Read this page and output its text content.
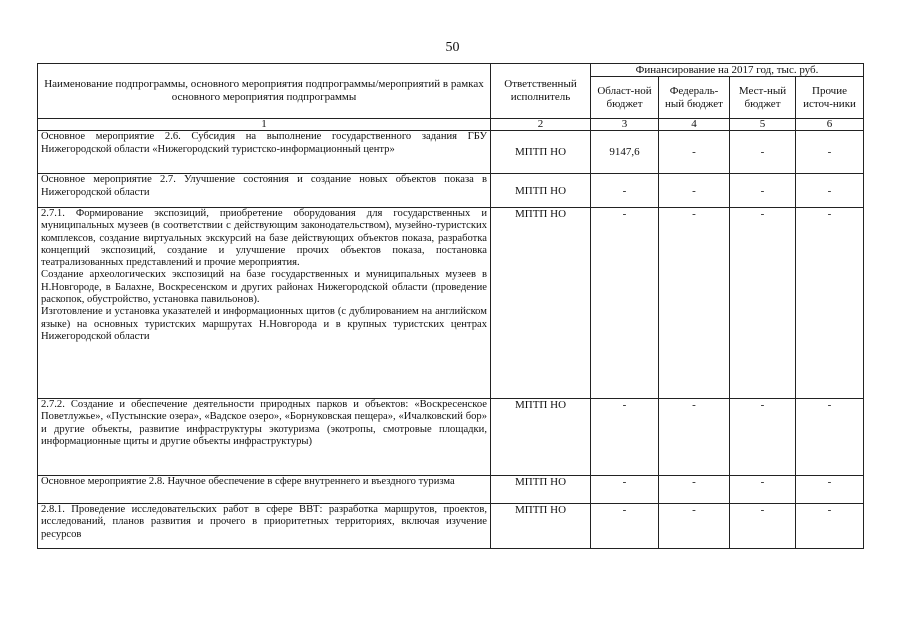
50
Наименование подпрограммы, основного мероприятия подпрограммы/мероприятий в рамках основного мероприятия подпрограммы	Ответственный исполнитель	Финансирование на 2017 год, тыс. руб.			
		Област-ной бюджет	Федераль-ный бюджет	Мест-ный бюджет	Прочие источ-ники
1	2	3	4	5	6
Основное мероприятие 2.6. Субсидия на выполнение государственного задания ГБУ Нижегородской области «Нижегородский туристско-информационный центр»	МПТП НО	9147,6	-	-	-
Основное мероприятие 2.7. Улучшение состояния и создание новых объектов показа в Нижегородской области	МПТП НО	-	-	-	-

2.7.1. Формирование экспозиций, приобретение оборудования для государственных и муниципальных музеев (в соответствии с действующим законодательством), музейно-туристских комплексов, создание виртуальных экскурсий на базе действующих объектов показа, разработка концепций экспозиций, создание и улучшение прочих объектов показа, постановка театрализованных представлений и прочие мероприятия.

Создание археологических экспозиций на базе государственных и муниципальных музеев в Н.Новгороде, в Балахне, Воскресенском и других районах Нижегородской области (проведение раскопок, обустройство, установка павильонов).

Изготовление и установка указателей и информационных щитов (с дублированием на английском языке) на основных туристских маршрутах Н.Новгорода и в крупных туристских центрах Нижегородской области	МПТП НО	-	-	-	-
2.7.2. Создание и обеспечение деятельности природных парков и объектов: «Воскресенское Поветлужье», «Пустынские озера», «Вадское озеро», «Борнуковская пещера», «Ичалковский бор» и другие объекты, развитие инфраструктуры экотуризма (экотропы, смотровые площадки, информационные щиты и другие объекты инфраструктуры)	МПТП НО	-	-	-	-
Основное мероприятие 2.8. Научное обеспечение в сфере внутреннего и въездного туризма	МПТП НО	-	-	-	-
2.8.1. Проведение исследовательских работ в сфере ВВТ: разработка маршрутов, проектов, исследований, планов развития и прочего в приоритетных территориях, включая изучение ресурсов	МПТП НО	-	-	-	-
